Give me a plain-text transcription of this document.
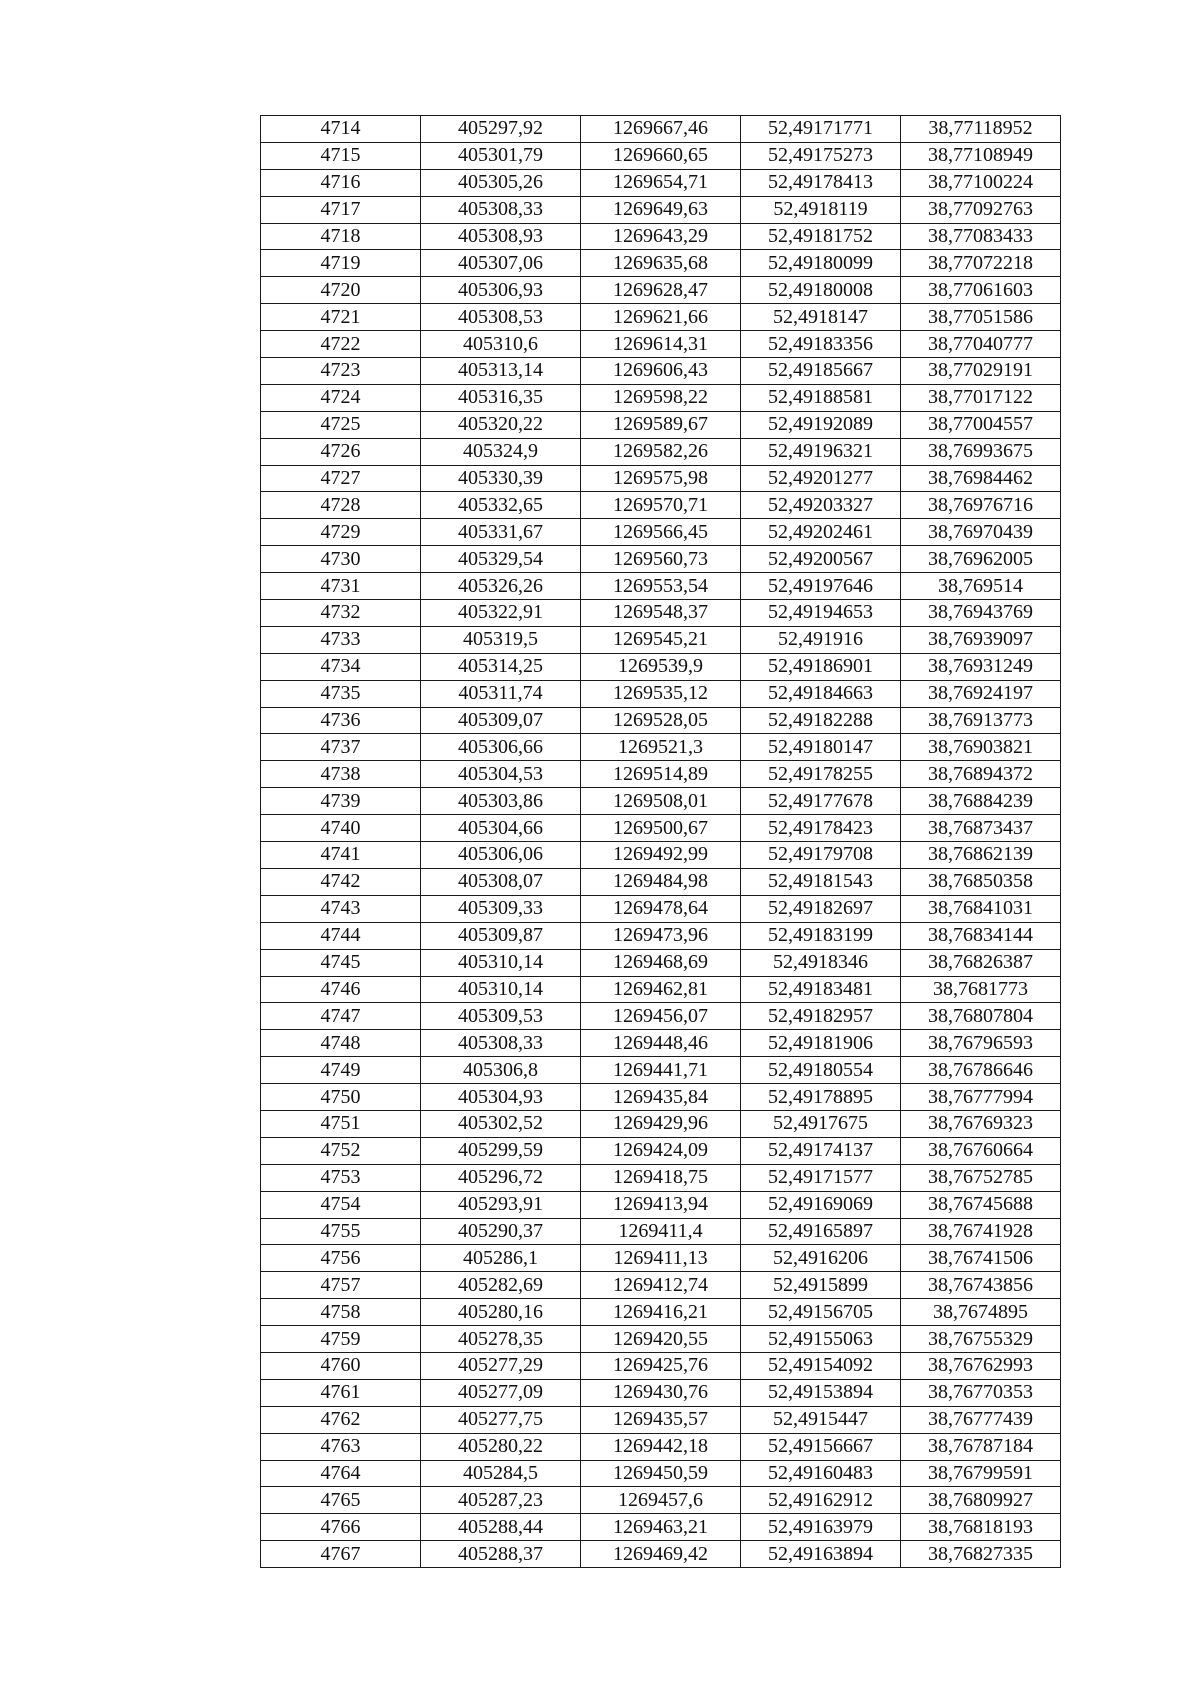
4714	405297,92	1269667,46	52,49171771	38,77118952
4715	405301,79	1269660,65	52,49175273	38,77108949
4716	405305,26	1269654,71	52,49178413	38,77100224
4717	405308,33	1269649,63	52,4918119	38,77092763
4718	405308,93	1269643,29	52,49181752	38,77083433
4719	405307,06	1269635,68	52,49180099	38,77072218
4720	405306,93	1269628,47	52,49180008	38,77061603
4721	405308,53	1269621,66	52,4918147	38,77051586
4722	405310,6	1269614,31	52,49183356	38,77040777
4723	405313,14	1269606,43	52,49185667	38,77029191
4724	405316,35	1269598,22	52,49188581	38,77017122
4725	405320,22	1269589,67	52,49192089	38,77004557
4726	405324,9	1269582,26	52,49196321	38,76993675
4727	405330,39	1269575,98	52,49201277	38,76984462
4728	405332,65	1269570,71	52,49203327	38,76976716
4729	405331,67	1269566,45	52,49202461	38,76970439
4730	405329,54	1269560,73	52,49200567	38,76962005
4731	405326,26	1269553,54	52,49197646	38,769514
4732	405322,91	1269548,37	52,49194653	38,76943769
4733	405319,5	1269545,21	52,491916	38,76939097
4734	405314,25	1269539,9	52,49186901	38,76931249
4735	405311,74	1269535,12	52,49184663	38,76924197
4736	405309,07	1269528,05	52,49182288	38,76913773
4737	405306,66	1269521,3	52,49180147	38,76903821
4738	405304,53	1269514,89	52,49178255	38,76894372
4739	405303,86	1269508,01	52,49177678	38,76884239
4740	405304,66	1269500,67	52,49178423	38,76873437
4741	405306,06	1269492,99	52,49179708	38,76862139
4742	405308,07	1269484,98	52,49181543	38,76850358
4743	405309,33	1269478,64	52,49182697	38,76841031
4744	405309,87	1269473,96	52,49183199	38,76834144
4745	405310,14	1269468,69	52,4918346	38,76826387
4746	405310,14	1269462,81	52,49183481	38,7681773
4747	405309,53	1269456,07	52,49182957	38,76807804
4748	405308,33	1269448,46	52,49181906	38,76796593
4749	405306,8	1269441,71	52,49180554	38,76786646
4750	405304,93	1269435,84	52,49178895	38,76777994
4751	405302,52	1269429,96	52,4917675	38,76769323
4752	405299,59	1269424,09	52,49174137	38,76760664
4753	405296,72	1269418,75	52,49171577	38,76752785
4754	405293,91	1269413,94	52,49169069	38,76745688
4755	405290,37	1269411,4	52,49165897	38,76741928
4756	405286,1	1269411,13	52,4916206	38,76741506
4757	405282,69	1269412,74	52,4915899	38,76743856
4758	405280,16	1269416,21	52,49156705	38,7674895
4759	405278,35	1269420,55	52,49155063	38,76755329
4760	405277,29	1269425,76	52,49154092	38,76762993
4761	405277,09	1269430,76	52,49153894	38,76770353
4762	405277,75	1269435,57	52,4915447	38,76777439
4763	405280,22	1269442,18	52,49156667	38,76787184
4764	405284,5	1269450,59	52,49160483	38,76799591
4765	405287,23	1269457,6	52,49162912	38,76809927
4766	405288,44	1269463,21	52,49163979	38,76818193
4767	405288,37	1269469,42	52,49163894	38,76827335
